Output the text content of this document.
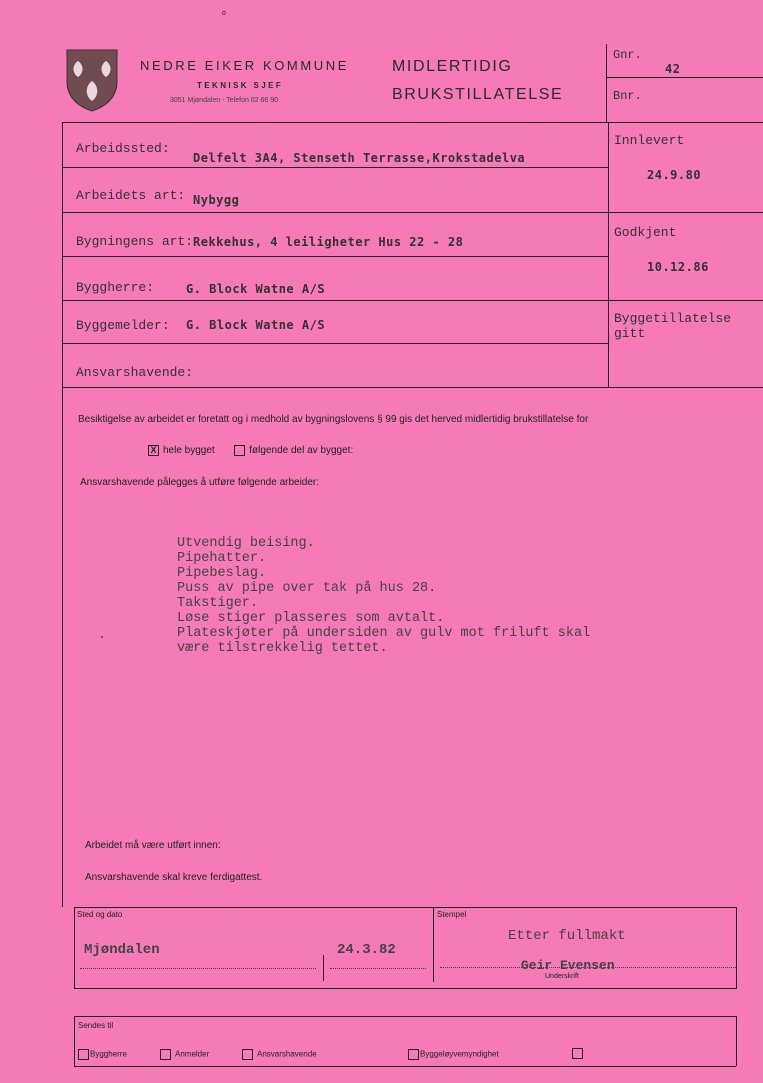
o
NEDRE EIKER KOMMUNE
TEKNISK SJEF
3051 Mjøndalen - Telefon 02 66 90
MIDLERTIDIG
BRUKSTILLATELSE
Gnr.
42
Bnr.
Arbeidssted:
Delfelt 3A4, Stenseth Terrasse,Krokstadelva
Arbeidets art: Nybygg
Bygningens art: Rekkehus, 4 leiligheter Hus 22 - 28
Byggherre:	G. Block Watne A/S
Byggemelder: G. Block Watne A/S
Ansvarshavende:
Innlevert
24.9.80
Godkjent
10.12.86
Byggetillatelse
gitt
Besiktigelse av arbeidet er foretatt og i medhold av bygningslovens § 99 gis det herved midlertidig brukstillatelse for
X hele bygget	følgende del av bygget:
Ansvarshavende pålegges å utføre følgende arbeider:
Utvendig beising.
Pipehatter.
Pipebeslag.
Puss av pipe over tak på hus 28.
Takstiger.
Løse stiger plasseres som avtalt.
Plateskjøter på undersiden av gulv mot friluft skal
være tilstrekkelig tettet.
Arbeidet må være utført innen:
Ansvarshavende skal kreve ferdigattest.
Sted og dato	Stempel
Mjøndalen	24.3.82
Etter fullmakt
Geir Evensen
Underskrift
Sendes til
Byggherre	Anmelder	Ansvarshavende	Byggeløyvemyndighet
